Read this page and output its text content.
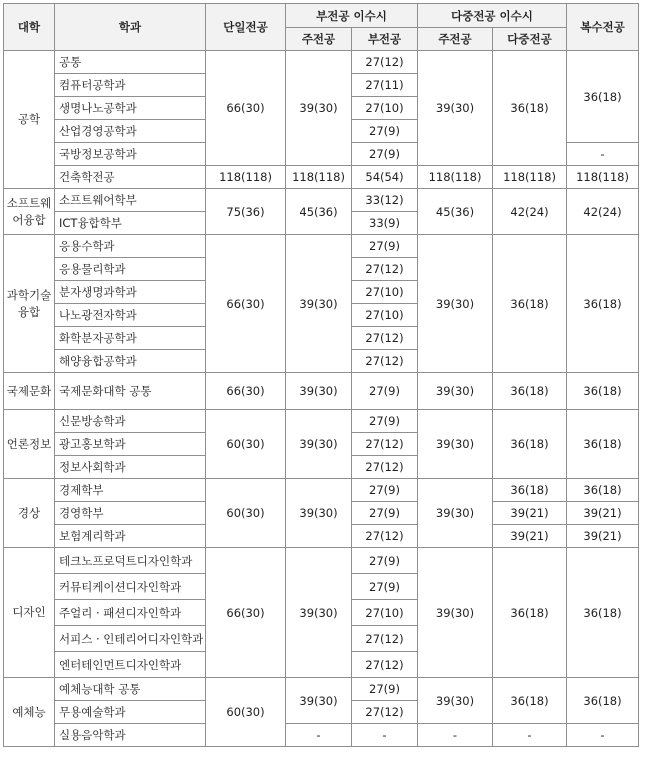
대학	학과	단일전공	부전공 이수시		다중전공 이수시		복수전공
			주전공	부전공	주전공	다중전공	
공학	공통	66(30)	39(30)	27(12)	39(30)	36(18)	36(18)
	컴퓨터공학과			27(11)			
	생명나노공학과			27(10)			
	산업경영공학과			27(9)			
	국방정보공학과			27(9)			-
	건축학전공	118(118)	118(118)	54(54)	118(118)	118(118)	118(118)
소프트웨어융합	소프트웨어학부	75(36)	45(36)	33(12)	45(36)	42(24)	42(24)
	ICT융합학부			33(9)			
과학기술융합	응용수학과	66(30)	39(30)	27(9)	39(30)	36(18)	36(18)
	응용물리학과			27(12)			
	분자생명과학과			27(10)			
	나노광전자학과			27(10)			
	화학분자공학과			27(12)			
	해양융합공학과			27(12)			
국제문화	국제문화대학 공통	66(30)	39(30)	27(9)	39(30)	36(18)	36(18)
언론정보	신문방송학과	60(30)	39(30)	27(9)	39(30)	36(18)	36(18)
	광고홍보학과			27(12)			
	정보사회학과			27(12)			
경상	경제학부	60(30)	39(30)	27(9)	39(30)	36(18)	36(18)
	경영학부			27(9)		39(21)	39(21)
	보험계리학과			27(12)		39(21)	39(21)
디자인	테크노프로덕트디자인학과	66(30)	39(30)	27(9)	39(30)	36(18)	36(18)
	커뮤티케이션디자인학과			27(9)			
	주얼리 · 패션디자인학과			27(10)			
	서피스 · 인테리어디자인학과			27(12)			
	엔터테인먼트디자인학과			27(12)			
예체능	예체능대학 공통	60(30)	39(30)	27(9)	39(30)	36(18)	36(18)
	무용예술학과			27(12)			
	실용음악학과		-	-	-	-	-
